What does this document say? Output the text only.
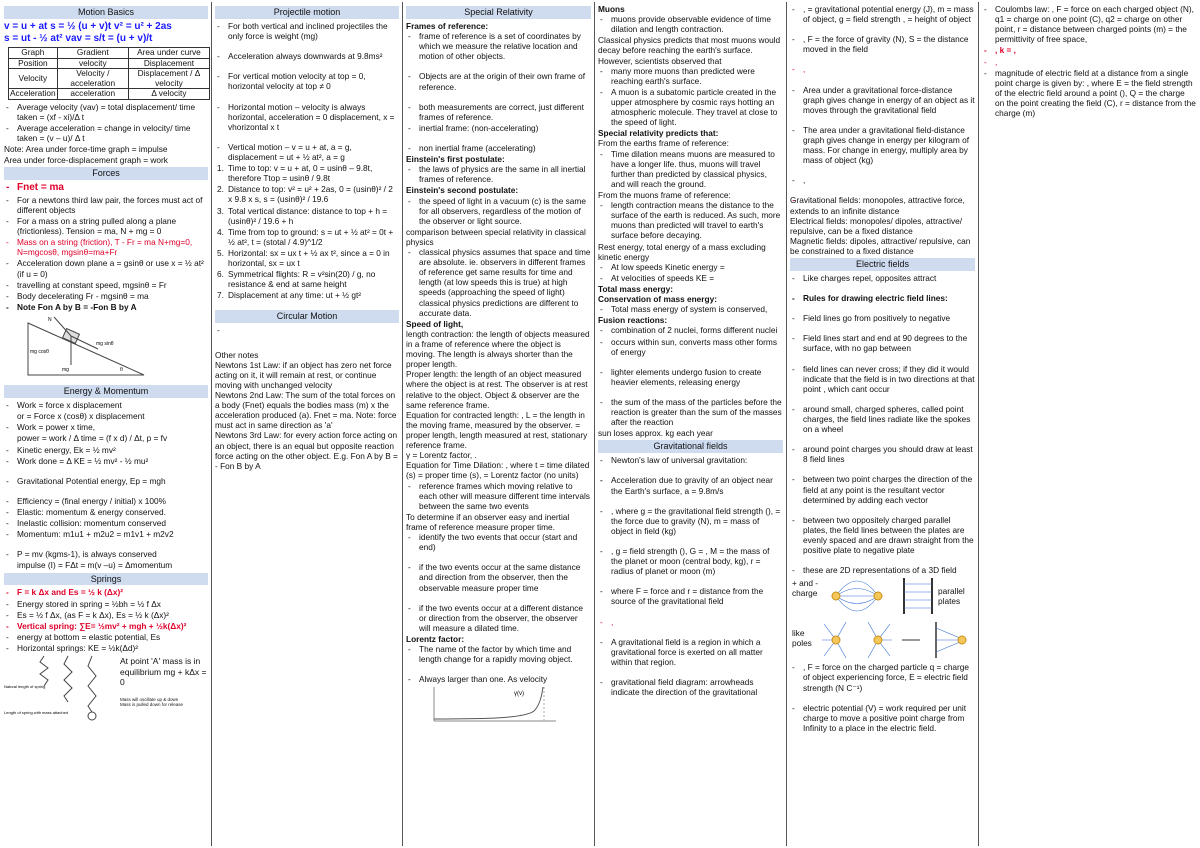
Motion Basics
v = u + at s = ½ (u + v)t v² = u² + 2as
s = ut - ½ at² vav = s/t = (u + v)/t
Graph	Gradient	Area under curve
Position	velocity	Displacement
Velocity	Velocity / acceleration	Displacement / Δ velocity
Acceleration	acceleration	Δ velocity
- Average velocity (vav) = total displacement/ time taken = (xf - xi)/Δ t
- Average acceleration = change in velocity/ time taken = (v – u)/ Δ t
Note: Area under force-time graph = impulse
Area under force-displacement graph = work
Forces
- Fnet = ma
- For a newtons third law pair, the forces must act of different objects
- For a mass on a string pulled along a plane (frictionless). Tension = ma, N + mg = 0
- Mass on a string (friction), T - Fr = ma N+mg=0, N=mgcosθ, mgsinθ=ma+Fr
- Acceleration down plane a = gsinθ or use x = ½ at² (if u = 0)
- travelling at constant speed, mgsinθ = Fr
- Body decelerating Fr - mgsinθ = ma
- Note Fon A by B = -Fon B by A
N
mg sinθ
mg cosθ
mg	θ
Energy & Momentum
- Work = force x displacement
or = Force x (cosθ) x displacement
- Work = power x time,
power = work / Δ time = (f x d) / Δt, p = fv
- Kinetic energy, Ek = ½ mv²
- Work done = Δ KE = ½ mv² - ½ mu²
- Gravitational Potential energy, Ep = mgh
- Efficiency = (final energy / initial) x 100%
- Elastic: momentum & energy conserved.
- Inelastic collision: momentum conserved
- Momentum: m1u1 + m2u2 = m1v1 + m2v2
- P = mv (kgms-1), is always conserved
impulse (I) = FΔt = m(v –u) = Δmomentum
Springs
- F = k Δx and Es = ½ k (Δx)²
- Energy stored in spring = ½bh = ½ f Δx
- Es = ½ f Δx, (as F = k Δx), Es = ½ k (Δx)²
- Vertical spring: ∑E= ½mv² + mgh + ½k(Δx)²
- energy at bottom = elastic potential, Es
- Horizontal springs: KE = ½k(Δd)²
Natural length of spring
Length of spring with mass attached
At point 'A' mass is in equilibrium mg + kΔx = 0
Mass will oscillate up & down
Mass is pulled down for release
Projectile motion
- For both vertical and inclined projectiles the only force is weight (mg)
- Acceleration always downwards at 9.8ms²
- For vertical motion velocity at top = 0, horizontal velocity at top ≠ 0
- Horizontal motion – velocity is always horizontal, acceleration = 0 displacement, x = vhorizontal x t
- Vertical motion – v = u + at, a = g, displacement = ut + ½ at², a = g
1. Time to top: v = u + at, 0 = usinθ – 9.8t, therefore Ttop = usinθ / 9.8t
2. Distance to top: v² = u² + 2as, 0 = (usinθ)² / 2 x 9.8 x s, s = (usinθ)² / 19.6
3. Total vertical distance: distance to top + h = (usinθ)² / 19.6 + h
4. Time from top to ground: s = ut + ½ at² = 0t + ½ at², t = (stotal / 4.9)^1/2
5. Horizontal: sx = ux t + ½ ax t², since a = 0 in horizontal, sx = ux t
6. Symmetrical flights: R = v²sin(20) / g, no resistance & end at same height
7. Displacement at any time: ut + ½ gt²
Circular Motion
-
Other notes
Newtons 1st Law: if an object has zero net force acting on it, it will remain at rest, or continue moving with unchanged velocity
Newtons 2nd Law: The sum of the total forces on a body (Fnet) equals the bodies mass (m) x the acceleration produced (a). Fnet = ma. Note: force must act in same direction as 'a'
Newtons 3rd Law: for every action force acting on an object, there is an equal but opposite reaction force acting on the other object. E.g. Fon A by B = - Fon B by A
Special Relativity
Frames of reference:
- frame of reference is a set of coordinates by which we measure the relative location and motion of other objects.
- Objects are at the origin of their own frame of reference.
- both measurements are correct, just different frames of reference.
- inertial frame: (non-accelerating)
- non inertial frame (accelerating)
Einstein's first postulate:
- the laws of physics are the same in all inertial frames of reference.
Einstein's second postulate:
- the speed of light in a vacuum (c) is the same for all observers, regardless of the motion of the observer or light source.
comparison between special relativity in classical physics
- classical physics assumes that space and time are absolute. ie. observers in different frames of reference get same results for time and length (at low speeds this is true) at high speeds (approaching the speed of light) classical physics predictions are different to accurate data.
Speed of light,
length contraction: the length of objects measured in a frame of reference where the object is moving. The length is always shorter than the proper length.
Proper length: the length of an object measured where the object is at rest. The observer is at rest relative to the object. Object & observer are the same reference frame.
Equation for contracted length: , L = the length in the moving frame, measured by the observer. = proper length, length measured at rest, stationary reference frame.
γ = Lorentz factor, .
Equation for Time Dilation: , where t = time dilated (s) = proper time (s), = Lorentz factor (no units)
- reference frames which moving relative to each other will measure different time intervals between the same two events
To determine if an observer easy and inertial frame of reference measure proper time.
- identify the two events that occur (start and end)
- if the two events occur at the same distance and direction from the observer, then the observable measure proper time
- if the two events occur at a different distance or direction from the observer, the observer will measure a dilated time.
Lorentz factor:
- The name of the factor by which time and length change for a rapidly moving object.
- Always larger than one. As velocity
γ(v)
Muons
- muons provide observable evidence of time dilation and length contraction.
Classical physics predicts that most muons would decay before reaching the earth's surface. However, scientists observed that
- many more muons than predicted were reaching earth's surface.
- A muon is a subatomic particle created in the upper atmosphere by cosmic rays hotting an atmospheric molecule. They travel at close to the speed of light.
Special relativity predicts that:
From the earths frame of reference:
- Time dilation means muons are measured to have a longer life. thus, muons will travel further than predicted by classical physics, and will reach the ground.
From the muons frame of reference:
- length contraction means the distance to the surface of the earth is reduced. As such, more muons than predicted will travel to earth's surface before decaying.
Rest energy, total energy of a mass excluding kinetic energy
- At low speeds Kinetic energy =
- At velocities of speeds KE =
Total mass energy:
Conservation of mass energy:
- Total mass energy of system is conserved,
Fusion reactions:
- combination of 2 nuclei, forms different nuclei
- occurs within sun, converts mass other forms of energy
- lighter elements undergo fusion to create heavier elements, releasing energy
- the sum of the mass of the particles before the reaction is greater than the sum of the masses after the reaction
sun loses approx. kg each year
Gravitational fields
- Newton's law of universal gravitation:
- Acceleration due to gravity of an object near the Earth's surface, a = 9.8m/s
- , where g = the gravitational field strength (), = the force due to gravity (N), m = mass of object in field (kg)
- , g = field strength (), G = , M = the mass of the planet or moon (central body, kg), r = radius of planet or moon (m)
- where F = force and r = distance from the source of the gravitational field
- ,
- A gravitational field is a region in which a gravitational force is exerted on all matter within that region.
- gravitational field diagram: arrowheads indicate the direction of the gravitational
- , = gravitational potential energy (J), m = mass of object, g = field strength , = height of object
- , F = the force of gravity (N), S = the distance moved in the field
- ,
- Area under a gravitational force-distance graph gives change in energy of an object as it moves through the gravitational field
- The area under a gravitational field-distance graph gives change in energy per kilogram of mass. For change in energy, multiply area by mass of object (kg)
- ,
Gravitational fields: monopoles, attractive force, extends to an infinite distance
Electrical fields: monopoles/ dipoles, attractive/ repulsive, can be a fixed distance
Magnetic fields: dipoles, attractive/ repulsive, can be constrained to a fixed distance
Electric fields
- Like charges repel, opposites attract
- Rules for drawing electric field lines:
- Field lines go from positively to negative
- Field lines start and end at 90 degrees to the surface, with no gap between
- field lines can never cross; if they did it would indicate that the field is in two directions at that point , which cant occur
- around small, charged spheres, called point charges, the field lines radiate like the spokes on a wheel
- around point charges you should draw at least 8 field lines
- between two point charges the direction of the field at any point is the resultant vector determined by adding each vector
- between two oppositely charged parallel plates, the field lines between the plates are evenly spaced and are drawn straight from the positive plate to negative plate
- these are 2D representations of a 3D field
+ and - charge	parallel plates
like poles
- , F = force on the charged particle q = charge of object experiencing force, E = electric field strength (N C⁻¹)
- electric potential (V) = work required per unit charge to move a positive point charge from Infinity to a place in the electric field.
- Coulombs law: , F = force on each charged object (N), q1 = charge on one point (C), q2 = charge on other point, r = distance between charged points (m) = the permittivity of free space,
- , k = ,
- ,
- magnitude of electric field at a distance from a single point charge is given by: , where E = the field strength of the electric field around a point (), Q = the charge on the point creating the field (C), r = distance from the charge (m)
